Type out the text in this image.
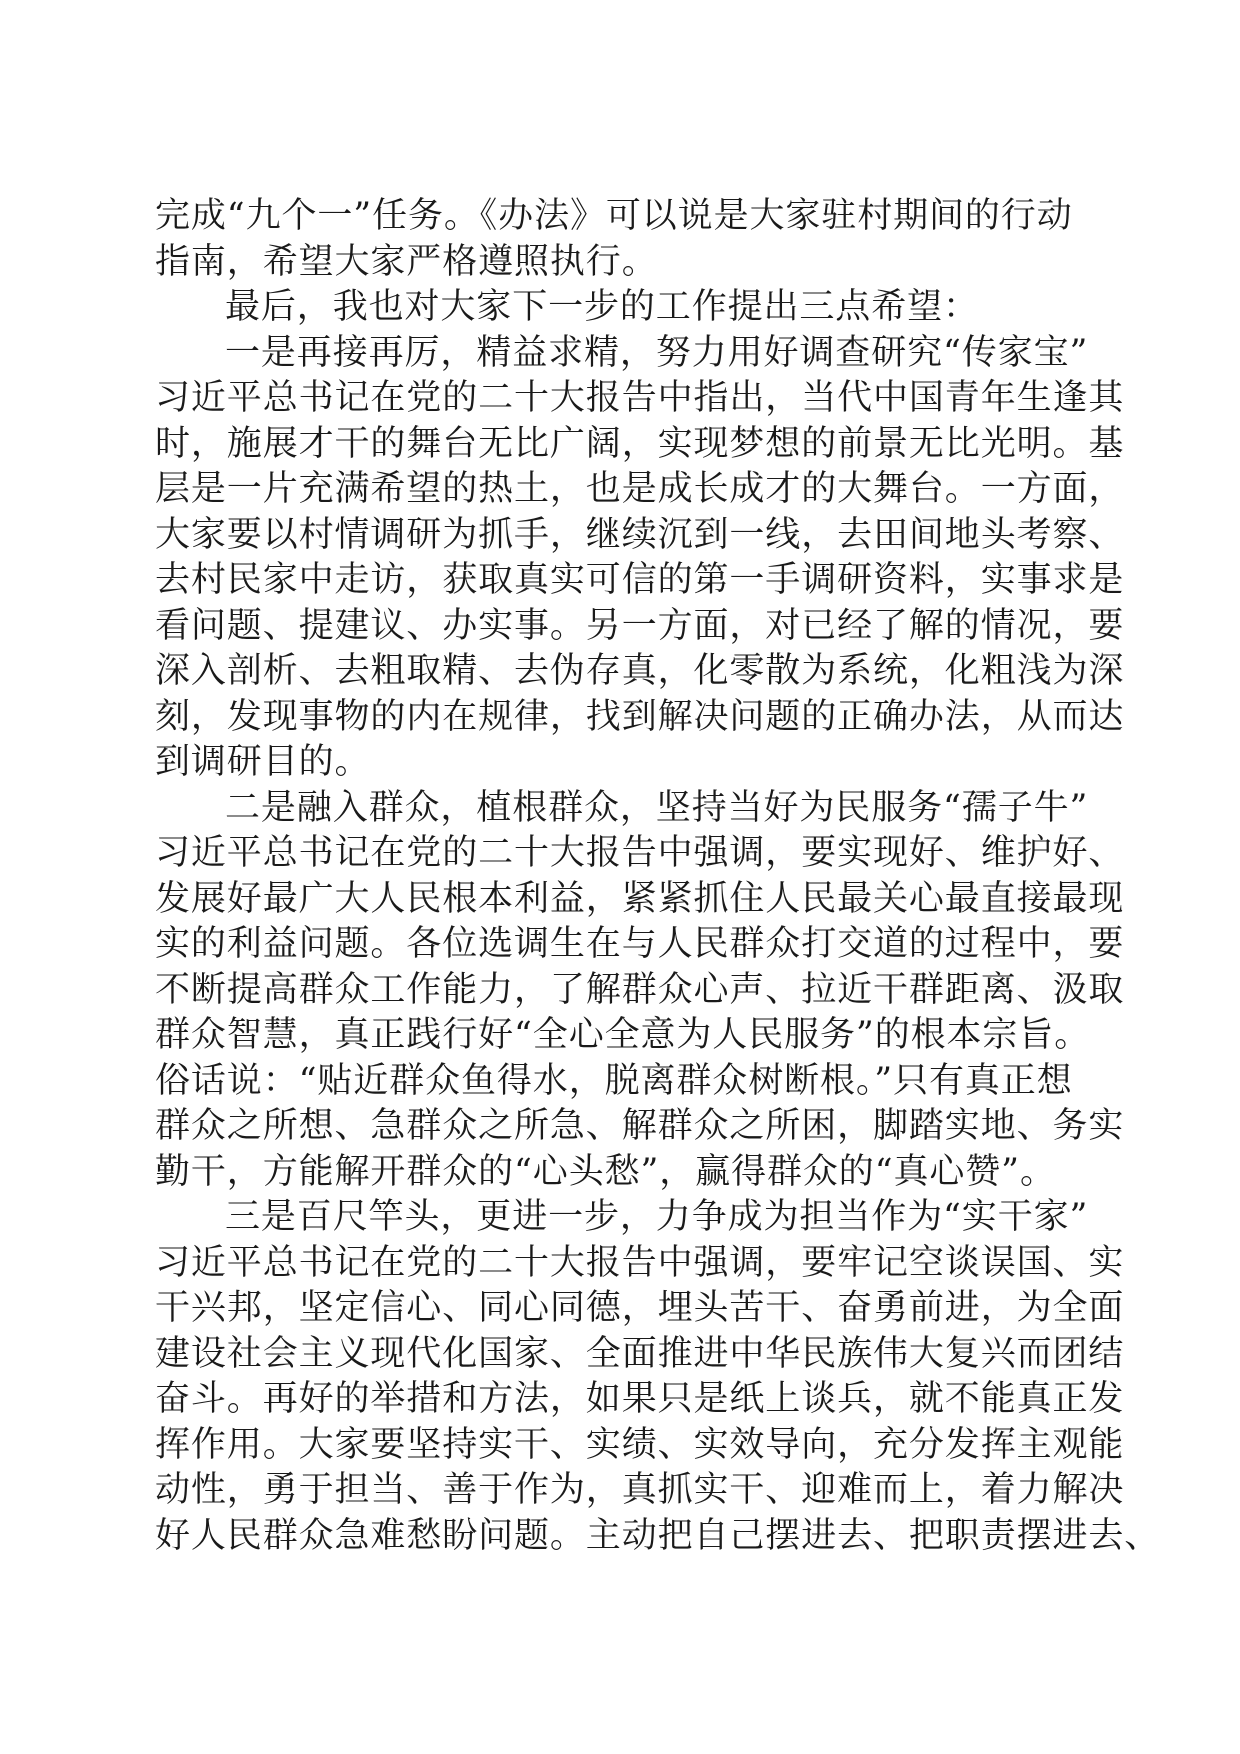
完成“九个一”任务。《办法》可以说是大家驻村期间的行动
指南，希望大家严格遵照执行。
最后，我也对大家下一步的工作提出三点希望：
一是再接再厉，精益求精，努力用好调查研究“传家宝”
习近平总书记在党的二十大报告中指出，当代中国青年生逢其
时，施展才干的舞台无比广阔，实现梦想的前景无比光明。基
层是一片充满希望的热土，也是成长成才的大舞台。一方面，
大家要以村情调研为抓手，继续沉到一线，去田间地头考察、
去村民家中走访，获取真实可信的第一手调研资料，实事求是
看问题、提建议、办实事。另一方面，对已经了解的情况，要
深入剖析、去粗取精、去伪存真，化零散为系统，化粗浅为深
刻，发现事物的内在规律，找到解决问题的正确办法，从而达
到调研目的。
二是融入群众，植根群众，坚持当好为民服务“孺子牛”
习近平总书记在党的二十大报告中强调，要实现好、维护好、
发展好最广大人民根本利益，紧紧抓住人民最关心最直接最现
实的利益问题。各位选调生在与人民群众打交道的过程中，要
不断提高群众工作能力，了解群众心声、拉近干群距离、汲取
群众智慧，真正践行好“全心全意为人民服务”的根本宗旨。
俗话说：“贴近群众鱼得水，脱离群众树断根。”只有真正想
群众之所想、急群众之所急、解群众之所困，脚踏实地、务实
勤干，方能解开群众的“心头愁”，赢得群众的“真心赞”。
三是百尺竿头，更进一步，力争成为担当作为“实干家”
习近平总书记在党的二十大报告中强调，要牢记空谈误国、实
干兴邦，坚定信心、同心同德，埋头苦干、奋勇前进，为全面
建设社会主义现代化国家、全面推进中华民族伟大复兴而团结
奋斗。再好的举措和方法，如果只是纸上谈兵，就不能真正发
挥作用。大家要坚持实干、实绩、实效导向，充分发挥主观能
动性，勇于担当、善于作为，真抓实干、迎难而上，着力解决
好人民群众急难愁盼问题。主动把自己摆进去、把职责摆进去、
